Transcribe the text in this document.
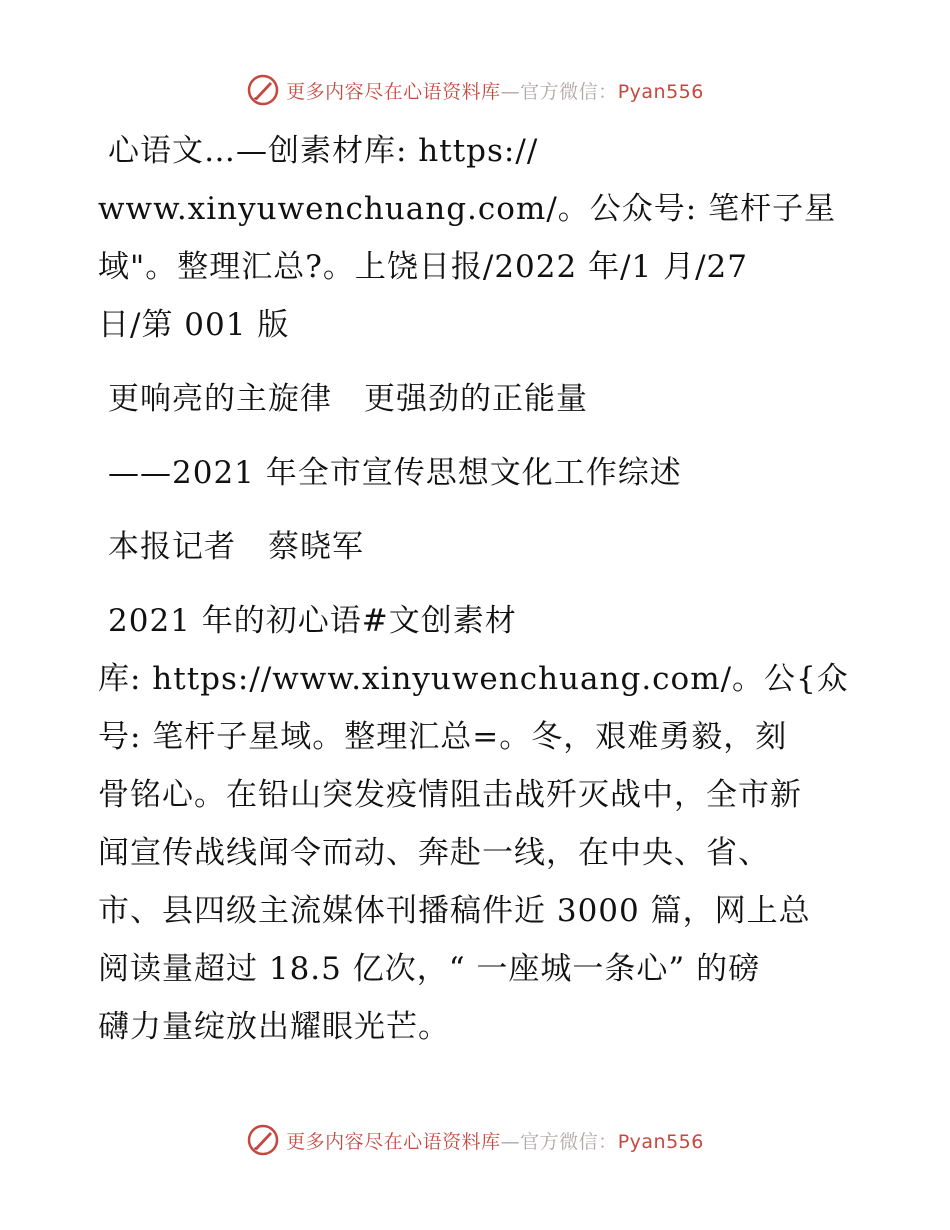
更多内容尽在心语资料库—官方微信：Pyan556

心语文…—创素材库: https://

www.xinyuwenchuang.com/。公众号: 笔杆子星

域"。整理汇总?。上饶日报/2022 年/1 月/27

日/第 001 版

更响亮的主旋律　更强劲的正能量

——2021 年全市宣传思想文化工作综述

本报记者　蔡晓军

2021 年的初心语#文创素材

库: https://www.xinyuwenchuang.com/。公{众

号: 笔杆子星域。整理汇总=。冬，艰难勇毅，刻

骨铭心。在铅山突发疫情阻击战歼灭战中，全市新

闻宣传战线闻令而动、奔赴一线，在中央、省、

市、县四级主流媒体刊播稿件近 3000 篇，网上总

阅读量超过 18.5 亿次，“ 一座城一条心” 的磅

礴力量绽放出耀眼光芒。

更多内容尽在心语资料库—官方微信：Pyan556
